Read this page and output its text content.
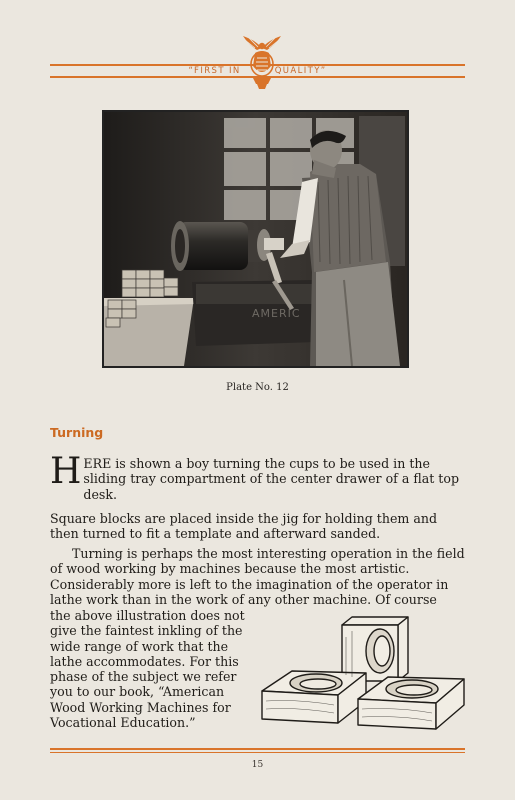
“FIRST IN	QUALITY”
AMERIC
Plate No. 12
Turning
H ERE is shown a boy turning the cups to be used in the sliding tray compartment of the center drawer of a flat top desk.
Square blocks are placed inside the jig for holding them and then turned to fit a template and afterward sanded.
Turning is perhaps the most interesting operation in the field of wood working by machines because the most artistic. Considerably more is left to the imagination of the operator in lathe work than in the work of any other machine. Of course
the above illustration does not give the faintest inkling of the wide range of work that the lathe accommodates. For this phase of the subject we refer you to our book, “American Wood Working Machines for Vocational Education.”
15
